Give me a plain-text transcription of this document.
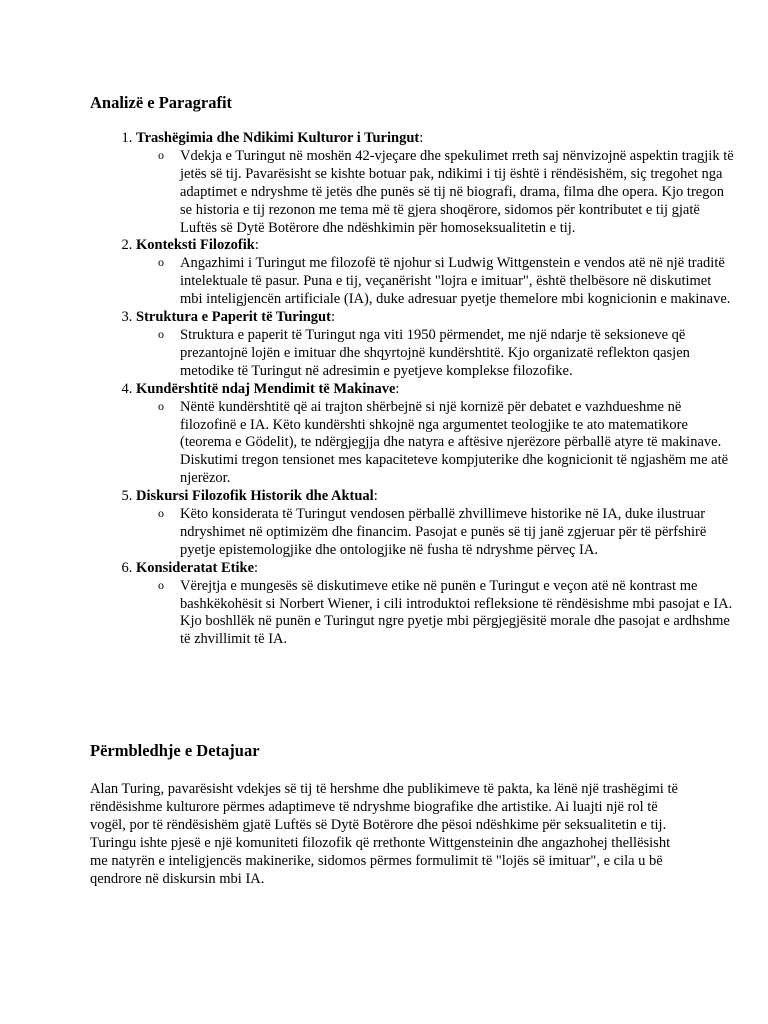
Analizë e Paragrafit
1. Trashëgimia dhe Ndikimi Kulturor i Turingut:
o Vdekja e Turingut në moshën 42-vjeçare dhe spekulimet rreth saj nënvizojnë aspektin tragjik të jetës së tij. Pavarësisht se kishte botuar pak, ndikimi i tij është i rëndësishëm, siç tregohet nga adaptimet e ndryshme të jetës dhe punës së tij në biografi, drama, filma dhe opera. Kjo tregon se historia e tij rezonon me tema më të gjera shoqërore, sidomos për kontributet e tij gjatë Luftës së Dytë Botërore dhe ndëshkimin për homoseksualitetin e tij.
2. Konteksti Filozofik:
o Angazhimi i Turingut me filozofë të njohur si Ludwig Wittgenstein e vendos atë në një traditë intelektuale të pasur. Puna e tij, veçanërisht "lojra e imituar", është thelbësore në diskutimet mbi inteligjencën artificiale (IA), duke adresuar pyetje themelore mbi kognicionin e makinave.
3. Struktura e Paperit të Turingut:
o Struktura e paperit të Turingut nga viti 1950 përmendet, me një ndarje të seksioneve që prezantojnë lojën e imituar dhe shqyrtojnë kundërshtitë. Kjo organizatë reflekton qasjen metodike të Turingut në adresimin e pyetjeve komplekse filozofike.
4. Kundërshtitë ndaj Mendimit të Makinave:
o Nëntë kundërshtitë që ai trajton shërbejnë si një kornizë për debatet e vazhdueshme në filozofinë e IA. Këto kundërshti shkojnë nga argumentet teologjike te ato matematikore (teorema e Gödelit), te ndërgjegjja dhe natyra e aftësive njerëzore përballë atyre të makinave. Diskutimi tregon tensionet mes kapaciteteve kompjuterike dhe kognicionit të ngjashëm me atë njerëzor.
5. Diskursi Filozofik Historik dhe Aktual:
o Këto konsiderata të Turingut vendosen përballë zhvillimeve historike në IA, duke ilustruar ndryshimet në optimizëm dhe financim. Pasojat e punës së tij janë zgjeruar për të përfshirë pyetje epistemologjike dhe ontologjike në fusha të ndryshme përveç IA.
6. Konsideratat Etike:
o Vërejtja e mungesës së diskutimeve etike në punën e Turingut e veçon atë në kontrast me bashkëkohësit si Norbert Wiener, i cili introduktoi refleksione të rëndësishme mbi pasojat e IA. Kjo boshllëk në punën e Turingut ngre pyetje mbi përgjegjësitë morale dhe pasojat e ardhshme të zhvillimit të IA.
Përmbledhje e Detajuar

Alan Turing, pavarësisht vdekjes së tij të hershme dhe publikimeve të pakta, ka lënë një trashëgimi të rëndësishme kulturore përmes adaptimeve të ndryshme biografike dhe artistike. Ai luajti një rol të vogël, por të rëndësishëm gjatë Luftës së Dytë Botërore dhe pësoi ndëshkime për seksualitetin e tij. Turingu ishte pjesë e një komuniteti filozofik që rrethonte Wittgensteinin dhe angazhohej thellësisht me natyrën e inteligjencës makinerike, sidomos përmes formulimit të "lojës së imituar", e cila u bë qendrore në diskursin mbi IA.
